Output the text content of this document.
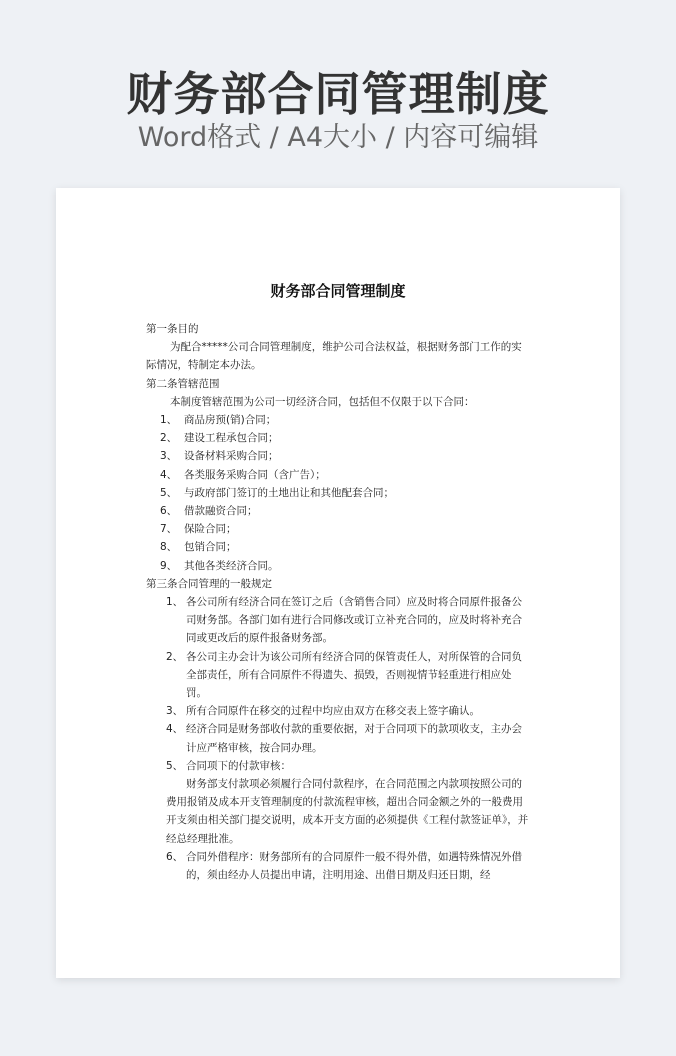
财务部合同管理制度
Word格式 / A4大小 / 内容可编辑
财务部合同管理制度
第一条目的
为配合*****公司合同管理制度，维护公司合法权益，根据财务部门工作的实际情况，特制定本办法。
第二条管辖范围
本制度管辖范围为公司一切经济合同，包括但不仅限于以下合同：
1、 商品房预(销)合同；
2、 建设工程承包合同；
3、 设备材料采购合同；
4、 各类服务采购合同（含广告）；
5、 与政府部门签订的土地出让和其他配套合同；
6、 借款融资合同；
7、 保险合同；
8、 包销合同；
9、 其他各类经济合同。
第三条合同管理的一般规定
1、 各公司所有经济合同在签订之后（含销售合同）应及时将合同原件报备公司财务部。各部门如有进行合同修改或订立补充合同的，应及时将补充合同或更改后的原件报备财务部。
2、 各公司主办会计为该公司所有经济合同的保管责任人，对所保管的合同负全部责任，所有合同原件不得遗失、损毁，否则视情节轻重进行相应处罚。
3、 所有合同原件在移交的过程中均应由双方在移交表上签字确认。
4、 经济合同是财务部收付款的重要依据，对于合同项下的款项收支，主办会计应严格审核，按合同办理。
5、 合同项下的付款审核：
财务部支付款项必须履行合同付款程序，在合同范围之内款项按照公司的费用报销及成本开支管理制度的付款流程审核，超出合同金额之外的一般费用开支须由相关部门提交说明，成本开支方面的必须提供《工程付款签证单》，并经总经理批准。
6、 合同外借程序：财务部所有的合同原件一般不得外借，如遇特殊情况外借的，须由经办人员提出申请，注明用途、出借日期及归还日期，经
